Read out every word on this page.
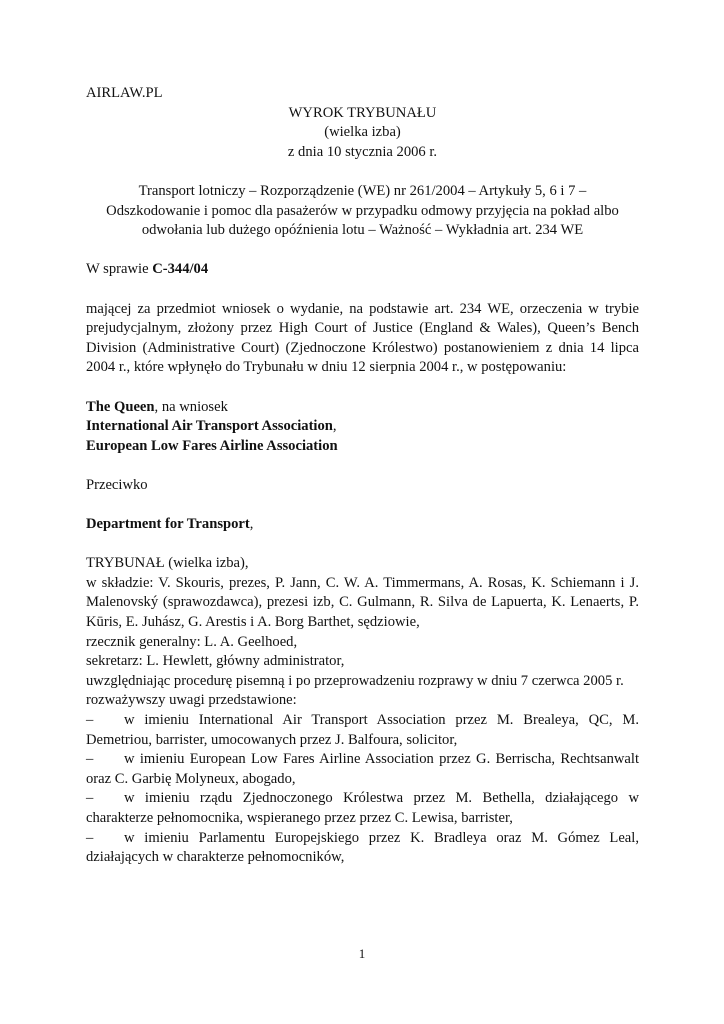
AIRLAW.PL

WYROK TRYBUNAŁU

(wielka izba)

z dnia 10 stycznia 2006 r.

Transport lotniczy – Rozporządzenie (WE) nr 261/2004 – Artykuły 5, 6 i 7 –

Odszkodowanie i pomoc dla pasażerów w przypadku odmowy przyjęcia na pokład albo

odwołania lub dużego opóźnienia lotu – Ważność – Wykładnia art. 234 WE

W sprawie C-344/04

mającej za przedmiot wniosek o wydanie, na podstawie art. 234 WE, orzeczenia w trybie prejudycjalnym, złożony przez High Court of Justice (England & Wales), Queen’s Bench Division (Administrative Court) (Zjednoczone Królestwo) postanowieniem z dnia 14 lipca 2004 r., które wpłynęło do Trybunału w dniu 12 sierpnia 2004 r., w postępowaniu:

The Queen, na wniosek

International Air Transport Association,

European Low Fares Airline Association

Przeciwko

Department for Transport,

TRYBUNAŁ (wielka izba),

w składzie: V. Skouris, prezes, P. Jann, C. W. A. Timmermans, A. Rosas, K. Schiemann i J. Malenovský (sprawozdawca), prezesi izb, C. Gulmann, R. Silva de Lapuerta, K. Lenaerts, P. Kūris, E. Juhász, G. Arestis i A. Borg Barthet, sędziowie,

rzecznik generalny: L. A. Geelhoed,

sekretarz: L. Hewlett, główny administrator,

uwzględniając procedurę pisemną i po przeprowadzeniu rozprawy w dniu 7 czerwca 2005 r.

rozważywszy uwagi przedstawione:

– w imieniu International Air Transport Association przez M. Brealeya, QC, M. Demetriou, barrister, umocowanych przez J. Balfoura, solicitor,

– w imieniu European Low Fares Airline Association przez G. Berrischa, Rechtsanwalt oraz C. Garbię Molyneux, abogado,

– w imieniu rządu Zjednoczonego Królestwa przez M. Bethella, działającego w charakterze pełnomocnika, wspieranego przez przez C. Lewisa, barrister,

– w imieniu Parlamentu Europejskiego przez K. Bradleya oraz M. Gómez Leal, działających w charakterze pełnomocników,

1
